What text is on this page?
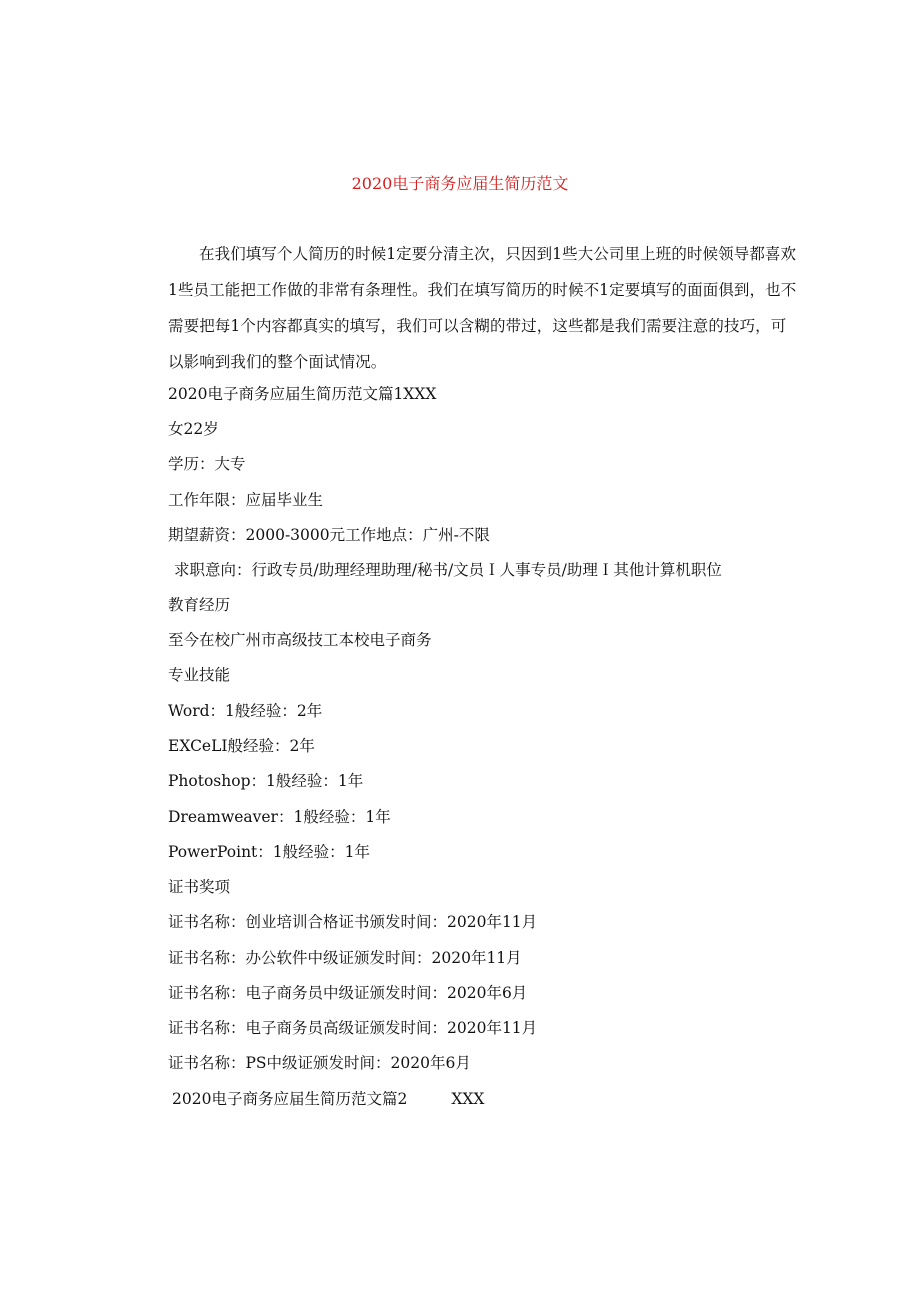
2020电子商务应届生简历范文

在我们填写个人简历的时候1定要分清主次，只因到1些大公司里上班的时候领导都喜欢1些员工能把工作做的非常有条理性。我们在填写简历的时候不1定要填写的面面俱到，也不需要把每1个内容都真实的填写，我们可以含糊的带过，这些都是我们需要注意的技巧，可以影响到我们的整个面试情况。

2020电子商务应届生简历范文篇1XXX
女22岁
学历：大专
工作年限：应届毕业生
期望薪资：2000-3000元工作地点：广州-不限
求职意向：行政专员/助理经理助理/秘书/文员Ｉ人事专员/助理Ｉ其他计算机职位
教育经历
至今在校广州市高级技工本校电子商务
专业技能
Word：1般经验：2年
EXCeLI般经验：2年
Photoshop：1般经验：1年
Dreamweaver：1般经验：1年
PowerPoint：1般经验：1年
证书奖项
证书名称：创业培训合格证书颁发时间：2020年11月
证书名称：办公软件中级证颁发时间：2020年11月
证书名称：电子商务员中级证颁发时间：2020年6月
证书名称：电子商务员高级证颁发时间：2020年11月
证书名称：PS中级证颁发时间：2020年6月
2020电子商务应届生简历范文篇2	XXX
